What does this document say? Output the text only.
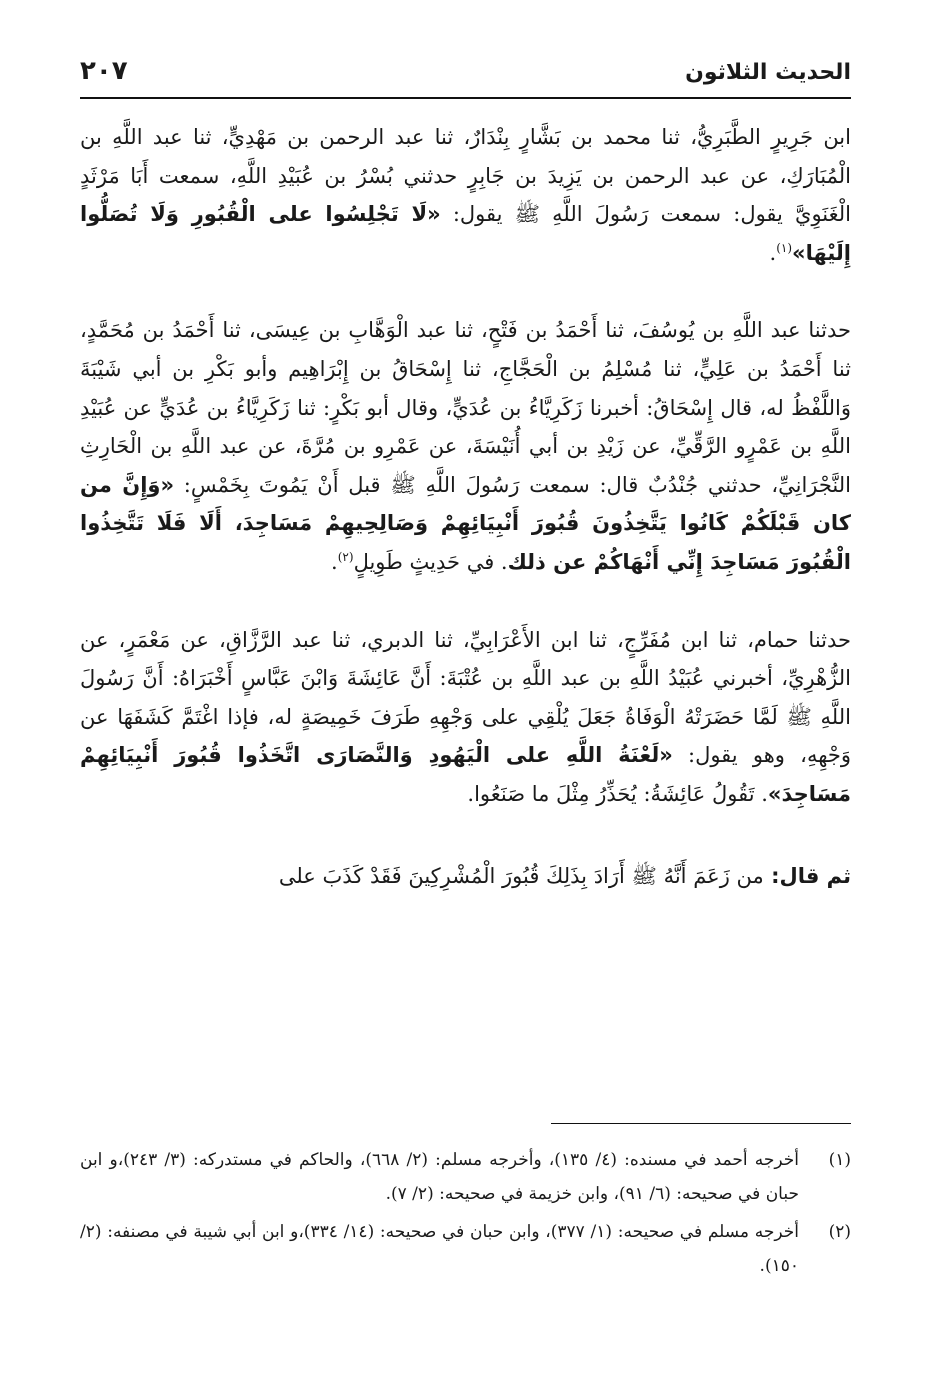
الحديث الثلاثون
٢٠٧

ابن جَرِيرٍ الطَّبَرِيُّ، ثنا محمد بن بَشَّارٍ بِنْدَارٌ، ثنا عبد الرحمن بن مَهْدِيٍّ، ثنا عبد اللَّهِ بن الْمُبَارَكِ، عن عبد الرحمن بن يَزِيدَ بن جَابِرٍ حدثني بُسْرُ بن عُبَيْدِ اللَّهِ، سمعت أَبَا مَرْثَدٍ الْغَنَوِيَّ يقول: سمعت رَسُولَ اللَّهِ ﷺ يقول: «لَا تَجْلِسُوا على الْقُبُورِ وَلَا تُصَلُّوا إِلَيْهَا»$^{(١)}$.

حدثنا عبد اللَّهِ بن يُوسُفَ، ثنا أَحْمَدُ بن فَتْحٍ، ثنا عبد الْوَهَّابِ بن عِيسَى، ثنا أَحْمَدُ بن مُحَمَّدٍ، ثنا أَحْمَدُ بن عَلِيٍّ، ثنا مُسْلِمُ بن الْحَجَّاجِ، ثنا إِسْحَاقُ بن إِبْرَاهِيم وأبو بَكْرِ بن أبي شَيْبَةَ وَاللَّفْظُ له، قال إِسْحَاقُ: أخبرنا زَكَرِيَّاءُ بن عُدَيٍّ، وقال أبو بَكْرٍ: ثنا زَكَرِيَّاءُ بن عُدَيٍّ عن عُبَيْدِ اللَّهِ بن عَمْرٍو الرَّقِّيِّ، عن زَيْدِ بن أبي أُنَيْسَةَ، عن عَمْرِو بن مُرَّةَ، عن عبد اللَّهِ بن الْحَارِثِ النَّجْرَانِيِّ، حدثني جُنْدُبٌ قال: سمعت رَسُولَ اللَّهِ ﷺ قبل أَنْ يَمُوتَ بِخَمْسٍ: «وَإِنَّ من كان قَبْلَكُمْ كَانُوا يَتَّخِذُونَ قُبُورَ أَنْبِيَائِهِمْ وَصَالِحِيهِمْ مَسَاجِدَ، أَلَا فَلَا تَتَّخِذُوا الْقُبُورَ مَسَاجِدَ إِنِّي أَنْهَاكُمْ عن ذلك. في حَدِيثٍ طَوِيلٍ$^{(٢)}$.

حدثنا حمام، ثنا ابن مُفَرِّجٍ، ثنا ابن الأَعْرَابِيِّ، ثنا الدبري، ثنا عبد الرَّزَّاقِ، عن مَعْمَرٍ، عن الزُّهْرِيِّ، أخبرني عُبَيْدُ اللَّهِ بن عبد اللَّهِ بن عُتْبَةَ: أَنَّ عَائِشَةَ وَابْنَ عَبَّاسٍ أَخْبَرَاهُ: أَنَّ رَسُولَ اللَّهِ ﷺ لَمَّا حَضَرَتْهُ الْوَفَاةُ جَعَلَ يُلْقِي على وَجْهِهِ طَرَفَ خَمِيصَةٍ له، فإذا اغْتَمَّ كَشَفَهَا عن وَجْهِهِ، وهو يقول: «لَعْنَةُ اللَّهِ على الْيَهُودِ وَالنَّصَارَى اتَّخَذُوا قُبُورَ أَنْبِيَائِهِمْ مَسَاجِدَ». تَقُولُ عَائِشَةُ: يُحَذِّرُ مِثْلَ ما صَنَعُوا.

ثم قال: من زَعَمَ أَنَّهُ ﷺ أَرَادَ بِذَلِكَ قُبُورَ الْمُشْرِكِينَ فَقَدْ كَذَبَ على

(١)
أخرجه أحمد في مسنده: (٤/ ١٣٥)، وأخرجه مسلم: (٢/ ٦٦٨)، والحاكم في مستدركه: (٣/ ٢٤٣)،و ابن حبان في صحيحه: (٦/ ٩١)، وابن خزيمة في صحيحه: (٢/ ٧).
(٢)
أخرجه مسلم في صحيحه: (١/ ٣٧٧)، وابن حبان في صحيحه: (١٤/ ٣٣٤)،و ابن أبي شيبة في مصنفه: (٢/ ١٥٠).
